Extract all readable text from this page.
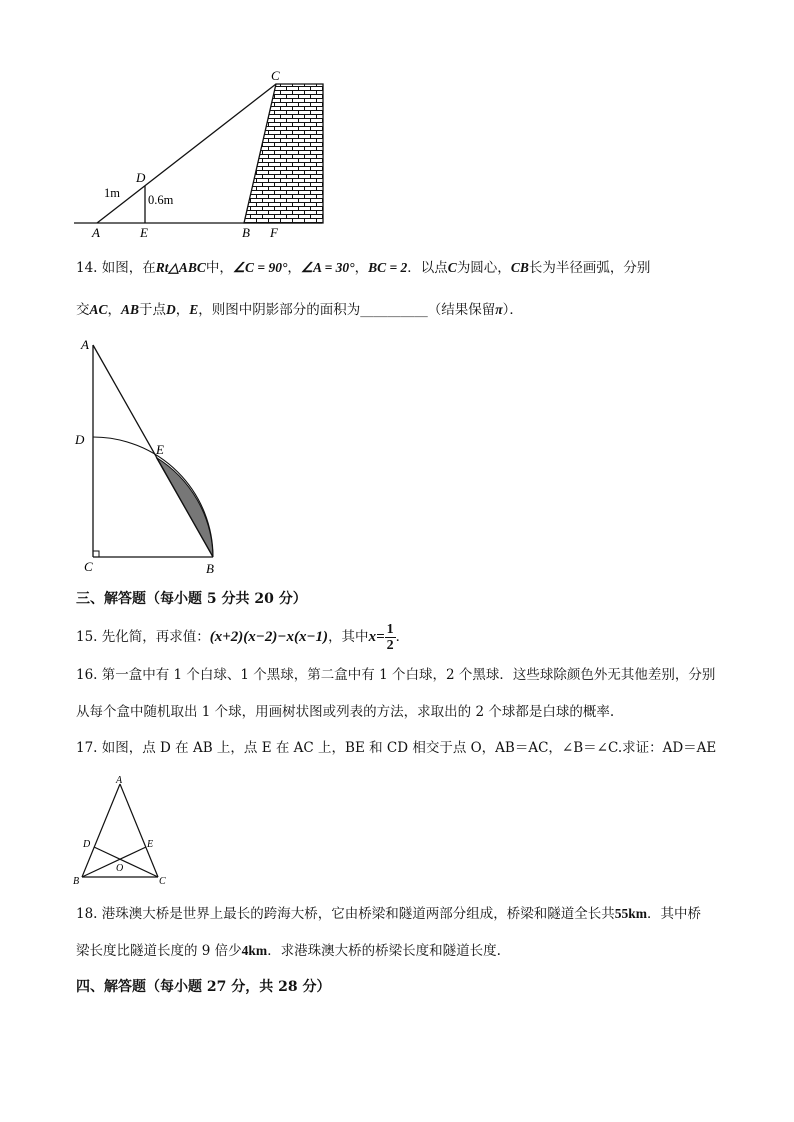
A	E	B F
C
D
1m 0.6m
14. 如图，在Rt△ABC中，∠C = 90°，∠A = 30°，BC = 2．以点C为圆心，CB长为半径画弧，分别
交AC，AB于点D，E，则图中阴影部分的面积为__________（结果保留π）．
A
D
E
C	B
三、解答题（每小题 5 分共 20 分）
15. 先化简，再求值：(x+2)(x−2)−x(x−1)，其中$x= \frac{1}{2}$ ．
16. 第一盒中有 1 个白球、1 个黑球，第二盒中有 1 个白球，2 个黑球．这些球除颜色外无其他差别，分别
从每个盒中随机取出 1 个球，用画树状图或列表的方法，求取出的 2 个球都是白球的概率.
17. 如图，点 D 在 AB 上，点 E 在 AC 上，BE 和 CD 相交于点 O，AB＝AC，∠B＝∠C.求证：AD＝AE
A
D	E
O
B	C
18. 港珠澳大桥是世界上最长的跨海大桥，它由桥梁和隧道两部分组成，桥梁和隧道全长共55km．其中桥
梁长度比隧道长度的 9 倍少4km．求港珠澳大桥的桥梁长度和隧道长度.
四、解答题（每小题 27 分，共 28 分）
